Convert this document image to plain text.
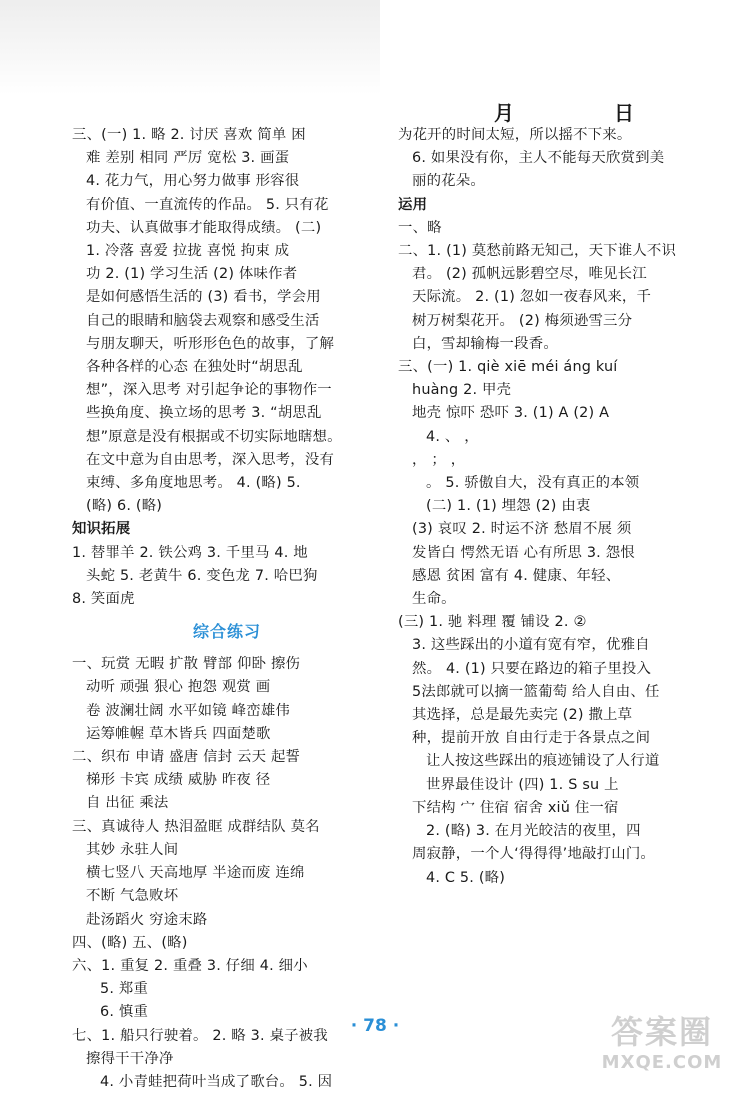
月	日
三、(一) 1. 略 2. 讨厌 喜欢 简单 困
难 差别 相同 严厉 宽松 3. 画蛋
4. 花力气，用心努力做事 形容很
有价值、一直流传的作品。 5. 只有花
功夫、认真做事才能取得成绩。 (二)
1. 冷落 喜爱 拉拢 喜悦 拘束 成
功 2. (1) 学习生活 (2) 体味作者
是如何感悟生活的 (3) 看书，学会用
自己的眼睛和脑袋去观察和感受生活
与朋友聊天，听形形色色的故事，了解
各种各样的心态 在独处时“胡思乱
想”，深入思考 对引起争论的事物作一
些换角度、换立场的思考 3. “胡思乱
想”原意是没有根据或不切实际地瞎想。
在文中意为自由思考，深入思考，没有
束缚、多角度地思考。 4. (略) 5.
(略) 6. (略)
知识拓展
1. 替罪羊 2. 铁公鸡 3. 千里马 4. 地
头蛇 5. 老黄牛 6. 变色龙 7. 哈巴狗
8. 笑面虎
综合练习
一、玩赏 无暇 扩散 臂部 仰卧 擦伤
动听 顽强 狠心 抱怨 观赏 画
卷 波澜壮阔 水平如镜 峰峦雄伟
运筹帷幄 草木皆兵 四面楚歌
二、织布 申请 盛唐 信封 云天 起誓
梯形 卡宾 成绩 威胁 昨夜 径
自 出征 乘法
三、真诚待人 热泪盈眶 成群结队 莫名
其妙 永驻人间
横七竖八 天高地厚 半途而废 连绵
不断 气急败坏
赴汤蹈火 穷途末路
四、(略) 五、(略)
六、1. 重复 2. 重叠 3. 仔细 4. 细小
5. 郑重
6. 慎重
七、1. 船只行驶着。 2. 略 3. 桌子被我
擦得干干净净
4. 小青蛙把荷叶当成了歌台。 5. 因
为花开的时间太短，所以摇不下来。
6. 如果没有你，主人不能每天欣赏到美
丽的花朵。
运用
一、略
二、1. (1) 莫愁前路无知己，天下谁人不识
君。 (2) 孤帆远影碧空尽，唯见长江
天际流。 2. (1) 忽如一夜春风来，千
树万树梨花开。 (2) 梅须逊雪三分
白，雪却输梅一段香。
三、(一) 1. qiè xiē méi áng kuí
huàng 2. 甲壳
地壳 惊吓 恐吓 3. (1) A (2) A
4. 、 ，
， ； ，
。 5. 骄傲自大，没有真正的本领
(二) 1. (1) 埋怨 (2) 由衷
(3) 哀叹 2. 时运不济 愁眉不展 须
发皆白 愕然无语 心有所思 3. 怨恨
感恩 贫困 富有 4. 健康、年轻、
生命。
(三) 1. 驰 料理 覆 铺设 2. ②
3. 这些踩出的小道有宽有窄，优雅自
然。 4. (1) 只要在路边的箱子里投入
5法郎就可以摘一篮葡萄 给人自由、任
其选择，总是最先卖完 (2) 撒上草
种，提前开放 自由行走于各景点之间
让人按这些踩出的痕迹铺设了人行道
世界最佳设计 (四) 1. S su 上
下结构 宀 住宿 宿舍 xiǔ 住一宿
2. (略) 3. 在月光皎洁的夜里，四
周寂静，一个人‘得得得’地敲打山门。
4. C 5. (略)
· 78 ·	答案圈
MXQE.COM
